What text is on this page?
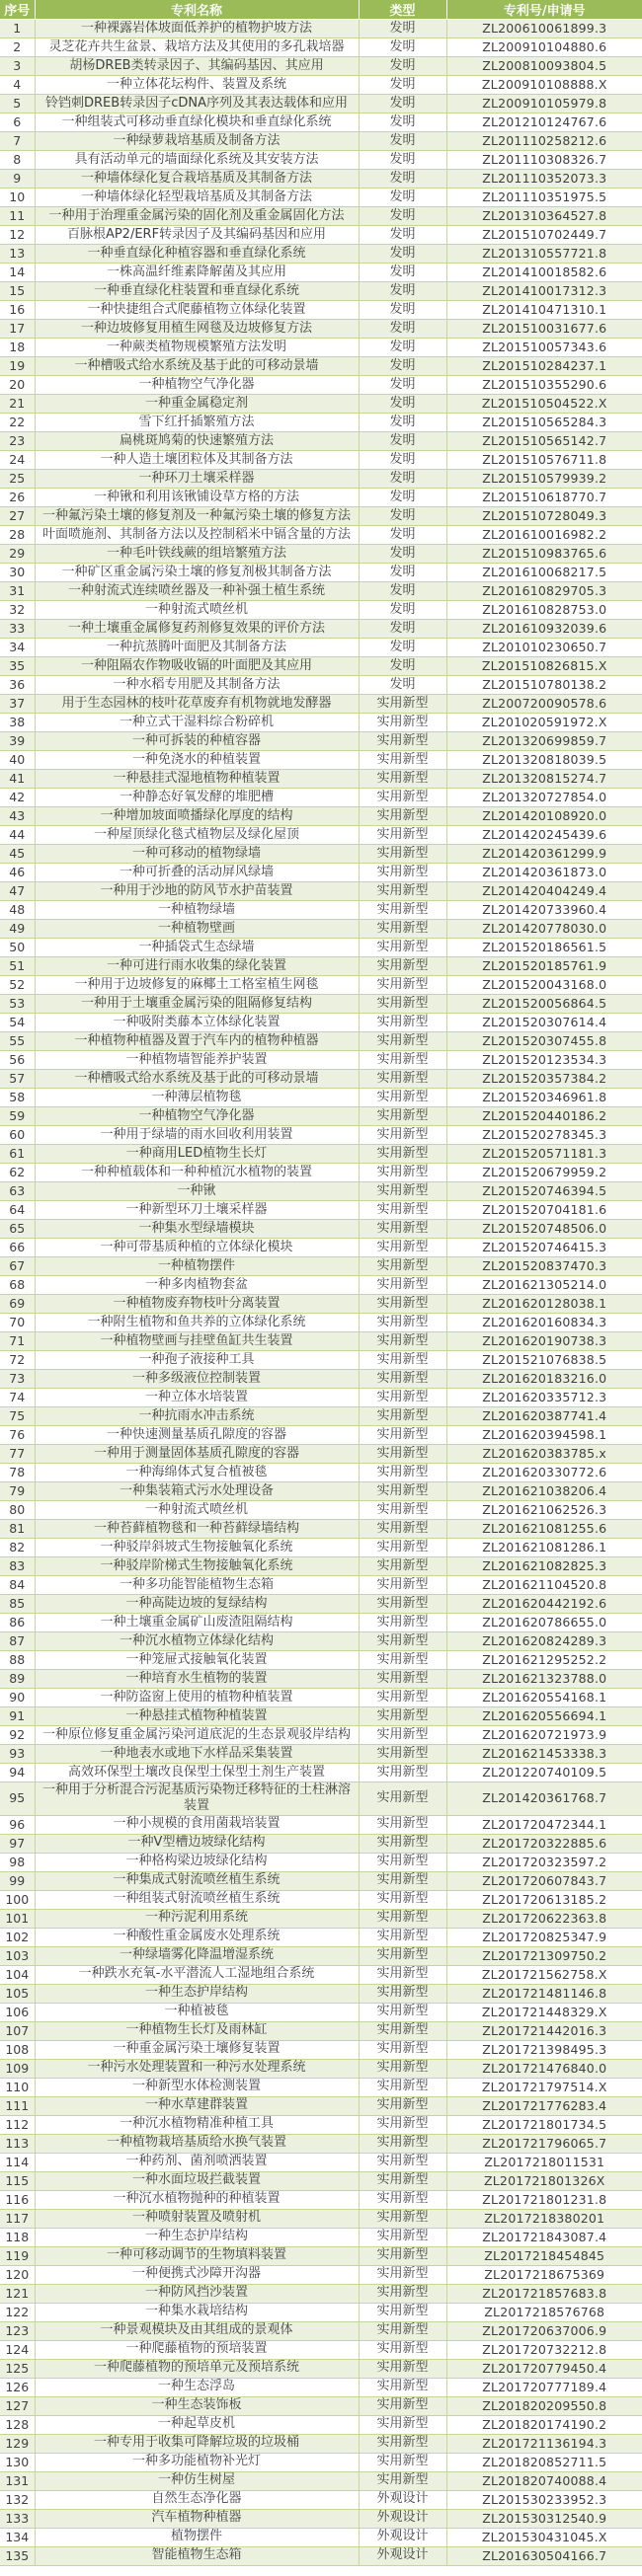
序号	专利名称	类型	专利号/申请号
1	一种裸露岩体坡面低养护的植物护坡方法	发明	ZL200610061899.3
2	灵芝花卉共生盆景、栽培方法及其使用的多孔栽培器	发明	ZL200910104880.6
3	胡杨DREB类转录因子、其编码基因、其应用	发明	ZL200810093804.5
4	一种立体花坛构件、装置及系统	发明	ZL200910108888.X
5	铃铛刺DREB转录因子cDNA序列及其表达载体和应用	发明	ZL200910105979.8
6	一种组装式可移动垂直绿化模块和垂直绿化系统	发明	ZL201210124767.6
7	一种绿萝栽培基质及制备方法	发明	ZL201110258212.6
8	具有活动单元的墙面绿化系统及其安装方法	发明	ZL201110308326.7
9	一种墙体绿化复合栽培基质及其制备方法	发明	ZL201110352073.3
10	一种墙体绿化轻型栽培基质及其制备方法	发明	ZL201110351975.5
11	一种用于治理重金属污染的固化剂及重金属固化方法	发明	ZL201310364527.8
12	百脉根AP2/ERF转录因子及其编码基因和应用	发明	ZL201510702449.7
13	一种垂直绿化种植容器和垂直绿化系统	发明	ZL201310557721.8
14	一株高温纤维素降解菌及其应用	发明	ZL201410018582.6
15	一种垂直绿化柱装置和垂直绿化系统	发明	ZL201410017312.3
16	一种快捷组合式爬藤植物立体绿化装置	发明	ZL201410471310.1
17	一种边坡修复用植生网毯及边坡修复方法	发明	ZL201510031677.6
18	一种蕨类植物规模繁殖方法发明	发明	ZL201510057343.6
19	一种槽吸式给水系统及基于此的可移动景墙	发明	ZL201510284237.1
20	一种植物空气净化器	发明	ZL201510355290.6
21	一种重金属稳定剂	发明	ZL201510504522.X
22	雪下红扦插繁殖方法	发明	ZL201510565284.3
23	扁桃斑鸠菊的快速繁殖方法	发明	ZL201510565142.7
24	一种人造土壤团粒体及其制备方法	发明	ZL201510576711.8
25	一种环刀土壤采样器	发明	ZL201510579939.2
26	一种锹和利用该锹铺设草方格的方法	发明	ZL201510618770.7
27	一种氟污染土壤的修复剂及一种氟污染土壤的修复方法	发明	ZL201510728049.3
28	叶面喷施剂、其制备方法以及控制稻米中镉含量的方法	发明	ZL201610016982.2
29	一种毛叶铁线蕨的组培繁殖方法	发明	ZL201510983765.6
30	一种矿区重金属污染土壤的修复剂极其制备方法	发明	ZL201610068217.5
31	一种射流式连续喷丝器及一种补强土植生系统	发明	ZL201610829705.3
32	一种射流式喷丝机	发明	ZL201610828753.0
33	一种土壤重金属修复药剂修复效果的评价方法	发明	ZL201610932039.6
34	一种抗蒸腾叶面肥及其制备方法	发明	ZL201010230650.7
35	一种阻隔农作物吸收镉的叶面肥及其应用	发明	ZL201510826815.X
36	一种水稻专用肥及其制备方法	发明	ZL201510780138.2
37	用于生态园林的枝叶花草废弃有机物就地发酵器	实用新型	ZL200720090578.6
38	一种立式干湿料综合粉碎机	实用新型	ZL201020591972.X
39	一种可拆装的种植容器	实用新型	ZL201320699859.7
40	一种免浇水的种植装置	实用新型	ZL201320818039.5
41	一种悬挂式湿地植物种植装置	实用新型	ZL201320815274.7
42	一种静态好氧发酵的堆肥槽	实用新型	ZL201320727854.0
43	一种增加坡面喷播绿化厚度的结构	实用新型	ZL201420108920.0
44	一种屋顶绿化毯式植物层及绿化屋顶	实用新型	ZL201420245439.6
45	一种可移动的植物绿墙	实用新型	ZL201420361299.9
46	一种可折叠的活动屏风绿墙	实用新型	ZL201420361873.0
47	一种用于沙地的防风节水护苗装置	实用新型	ZL201420404249.4
48	一种植物绿墙	实用新型	ZL201420733960.4
49	一种植物壁画	实用新型	ZL201420778030.0
50	一种插袋式生态绿墙	实用新型	ZL201520186561.5
51	一种可进行雨水收集的绿化装置	实用新型	ZL201520185761.9
52	一种用于边坡修复的麻椰土工格室植生网毯	实用新型	ZL201520043168.0
53	一种用于土壤重金属污染的阻隔修复结构	实用新型	ZL201520056864.5
54	一种吸附类藤本立体绿化装置	实用新型	ZL201520307614.4
55	一种植物种植器及置于汽车内的植物种植器	实用新型	ZL201520307455.8
56	一种植物墙智能养护装置	实用新型	ZL201520123534.3
57	一种槽吸式给水系统及基于此的可移动景墙	实用新型	ZL201520357384.2
58	一种薄层植物毯	实用新型	ZL201520346961.8
59	一种植物空气净化器	实用新型	ZL201520440186.2
60	一种用于绿墙的雨水回收利用装置	实用新型	ZL201520278345.3
61	一种商用LED植物生长灯	实用新型	ZL201520571181.3
62	一种种植载体和一种种植沉水植物的装置	实用新型	ZL201520679959.2
63	一种锹	实用新型	ZL201520746394.5
64	一种新型环刀土壤采样器	实用新型	ZL201520704181.6
65	一种集水型绿墙模块	实用新型	ZL201520748506.0
66	一种可带基质种植的立体绿化模块	实用新型	ZL201520746415.3
67	一种植物摆件	实用新型	ZL201520837470.3
68	一种多肉植物套盆	实用新型	ZL201621305214.0
69	一种植物废弃物枝叶分离装置	实用新型	ZL201620128038.1
70	一种附生植物和鱼共养的立体绿化系统	实用新型	ZL201620160834.3
71	一种植物壁画与挂壁鱼缸共生装置	实用新型	ZL201620190738.3
72	一种孢子液接种工具	实用新型	ZL201521076838.5
73	一种多级液位控制装置	实用新型	ZL201620183216.0
74	一种立体水培装置	实用新型	ZL201620335712.3
75	一种抗雨水冲击系统	实用新型	ZL201620387741.4
76	一种快速测量基质孔隙度的容器	实用新型	ZL201620394598.1
77	一种用于测量固体基质孔隙度的容器	实用新型	ZL201620383785.x
78	一种海绵体式复合植被毯	实用新型	ZL201620330772.6
79	一种集装箱式污水处理设备	实用新型	ZL201621038206.4
80	一种射流式喷丝机	实用新型	ZL201621062526.3
81	一种苔藓植物毯和一种苔藓绿墙结构	实用新型	ZL201621081255.6
82	一种驳岸斜坡式生物接触氧化系统	实用新型	ZL201621081286.1
83	一种驳岸阶梯式生物接触氧化系统	实用新型	ZL201621082825.3
84	一种多功能智能植物生态箱	实用新型	ZL201621104520.8
85	一种高陡边坡的复绿结构	实用新型	ZL201620442192.6
86	一种土壤重金属矿山废渣阻隔结构	实用新型	ZL201620786655.0
87	一种沉水植物立体绿化结构	实用新型	ZL201620824289.3
88	一种笼屉式接触氧化装置	实用新型	ZL201621295252.2
89	一种培育水生植物的装置	实用新型	ZL201621323788.0
90	一种防盗窗上使用的植物种植装置	实用新型	ZL201620554168.1
91	一种悬挂式植物种植装置	实用新型	ZL201620556694.1
92	一种原位修复重金属污染河道底泥的生态景观驳岸结构	实用新型	ZL201620721973.9
93	一种地表水或地下水样品采集装置	实用新型	ZL201621453338.3
94	高效环保型土壤改良保型土保型土剂生产装置	实用新型	ZL201220740109.5
95	一种用于分析混合污泥基质污染物迁移特征的土柱淋溶装置	实用新型	ZL201420361768.7
96	一种小规模的食用菌栽培装置	实用新型	ZL201720472344.1
97	一种V型槽边坡绿化结构	实用新型	ZL201720322885.6
98	一种格构梁边坡绿化结构	实用新型	ZL201720323597.2
99	一种集成式射流喷丝植生系统	实用新型	ZL201720607843.7
100	一种组装式射流喷丝植生系统	实用新型	ZL201720613185.2
101	一种污泥利用系统	实用新型	ZL201720622363.8
102	一种酸性重金属废水处理系统	实用新型	ZL201720825347.9
103	一种绿墙雾化降温增湿系统	实用新型	ZL201721309750.2
104	一种跌水充氧-水平潜流人工湿地组合系统	实用新型	ZL201721562758.X
105	一种生态护岸结构	实用新型	ZL201721481146.8
106	一种植被毯	实用新型	ZL201721448329.X
107	一种植物生长灯及雨林缸	实用新型	ZL201721442016.3
108	一种重金属污染土壤修复装置	实用新型	ZL201721398495.3
109	一种污水处理装置和一种污水处理系统	实用新型	ZL201721476840.0
110	一种新型水体检测装置	实用新型	ZL201721797514.X
111	一种水草建群装置	实用新型	ZL201721776283.4
112	一种沉水植物精准种植工具	实用新型	ZL201721801734.5
113	一种植物栽培基质给水换气装置	实用新型	ZL201721796065.7
114	一种药剂、菌剂喷洒装置	实用新型	ZL2017218011531
115	一种水面垃圾拦截装置	实用新型	ZL201721801326X
116	一种沉水植物抛种的种植装置	实用新型	ZL201721801231.8
117	一种喷射装置及喷射机	实用新型	ZL2017218380201
118	一种生态护岸结构	实用新型	ZL201721843087.4
119	一种可移动调节的生物填料装置	实用新型	ZL2017218454845
120	一种便携式沙障开沟器	实用新型	ZL2017218675369
121	一种防风挡沙装置	实用新型	ZL201721857683.8
122	一种集水栽培结构	实用新型	ZL2017218576768
123	一种景观模块及由其组成的景观体	实用新型	ZL201720637006.9
124	一种爬藤植物的预培装置	实用新型	ZL201720732212.8
125	一种爬藤植物的预培单元及预培系统	实用新型	ZL201720779450.4
126	一种生态浮岛	实用新型	ZL201720777189.4
127	一种生态装饰板	实用新型	ZL201820209550.8
128	一种起草皮机	实用新型	ZL201820174190.2
129	一种专用于收集可降解垃圾的垃圾桶	实用新型	ZL201721136194.3
130	一种多功能植物补光灯	实用新型	ZL201820852711.5
131	一种仿生树屋	实用新型	ZL201820740088.4
132	自然生态净化器	外观设计	ZL201530233952.3
133	汽车植物种植器	外观设计	ZL201530312540.9
134	植物摆件	外观设计	ZL201530431045.X
135	智能植物生态箱	外观设计	ZL201630504166.7
